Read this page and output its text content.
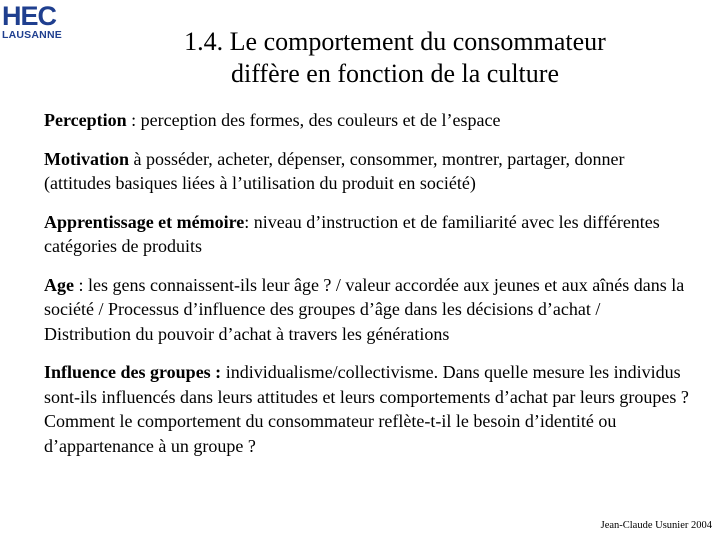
HEC
LAUSANNE	1.4. Le comportement du consommateur
diffère en fonction de la culture

Perception : perception des formes, des couleurs et de l’espace

Motivation à posséder, acheter, dépenser, consommer, montrer, partager, donner (attitudes basiques liées à l’utilisation du produit en société)

Apprentissage et mémoire: niveau d’instruction et de familiarité avec les différentes catégories de produits

Age : les gens connaissent-ils leur âge ? / valeur accordée aux jeunes et aux aînés dans la société / Processus d’influence des groupes d’âge dans les décisions d’achat / Distribution du pouvoir d’achat à travers les générations

Influence des groupes : individualisme/collectivisme. Dans quelle mesure les individus sont-ils influencés dans leurs attitudes et leurs comportements d’achat par leurs groupes ? Comment le comportement du consommateur reflète-t-il le besoin d’identité ou d’appartenance à un groupe ?

Jean-Claude Usunier 2004
